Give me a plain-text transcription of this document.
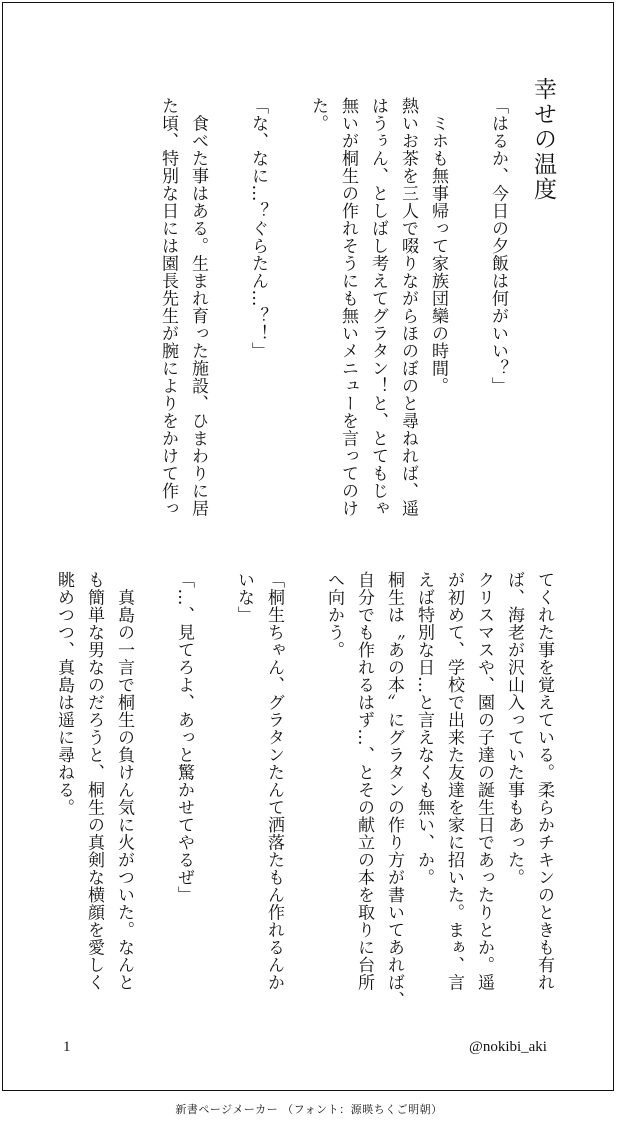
幸せの温度
「はるか、今日の夕飯は何がいい？」

　ミホも無事帰って家族団欒の時間。
熱いお茶を三人で啜りながらほのぼのと尋ねれば、遥
はうぅん、としばし考えてグラタン！と、とてもじゃ
無いが桐生の作れそうにも無いメニューを言ってのけ
た。

「な、なに…？ぐらたん…？！」

　食べた事はある。生まれ育った施設、ひまわりに居
た頃、特別な日には園長先生が腕によりをかけて作っ
てくれた事を覚えている。柔らかチキンのときも有れ
ば、海老が沢山入っていた事もあった。
クリスマスや、園の子達の誕生日であったりとか。遥
が初めて、学校で出来た友達を家に招いた。まぁ、言
えば特別な日…と言えなくも無い、か。
桐生は〝あの本〟にグラタンの作り方が書いてあれば、
自分でも作れるはず…、とその献立の本を取りに台所
へ向かう。

「桐生ちゃん、グラタンたんて洒落たもん作れるんか
いな」

「…、見てろよ、あっと驚かせてやるぜ」

　真島の一言で桐生の負けん気に火がついた。なんと
も簡単な男なのだろうと、桐生の真剣な横顔を愛しく
眺めつつ、真島は遥に尋ねる。
1	@nokibi_aki
新書ページメーカー （フォント：源暎ちくご明朝）
